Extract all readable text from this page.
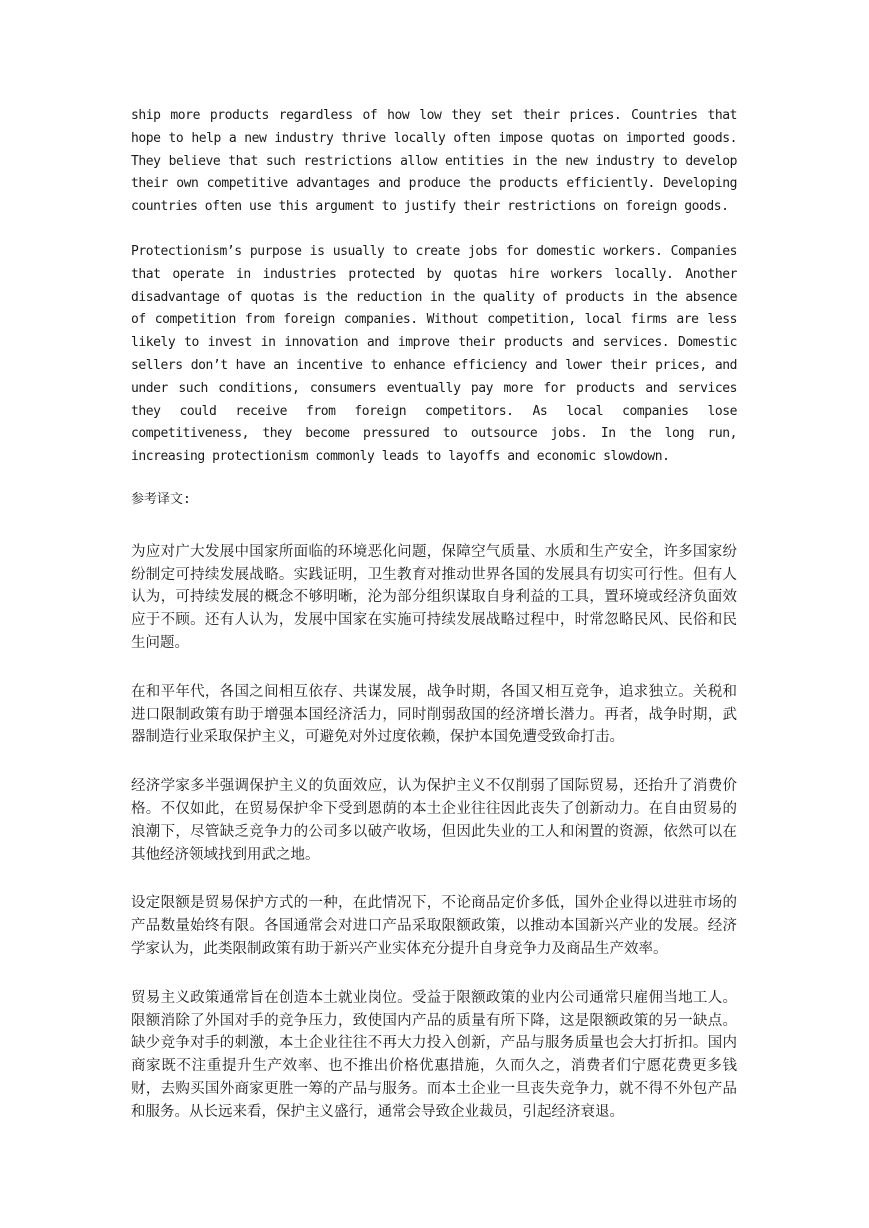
ship more products regardless of how low they set their prices. Countries that hope to help a new industry thrive locally often impose quotas on imported goods. They believe that such restrictions allow entities in the new industry to develop their own competitive advantages and produce the products efficiently. Developing countries often use this argument to justify their restrictions on foreign goods.

Protectionism’s purpose is usually to create jobs for domestic workers. Companies that operate in industries protected by quotas hire workers locally. Another disadvantage of quotas is the reduction in the quality of products in the absence of competition from foreign companies. Without competition, local firms are less likely to invest in innovation and improve their products and services. Domestic sellers don’t have an incentive to enhance efficiency and lower their prices, and under such conditions, consumers eventually pay more for products and services they could receive from foreign competitors. As local companies lose competitiveness, they become pressured to outsource jobs. In the long run, increasing protectionism commonly leads to layoffs and economic slowdown.

参考译文:

为应对广大发展中国家所面临的环境恶化问题，保障空气质量、水质和生产安全，许多国家纷纷制定可持续发展战略。实践证明，卫生教育对推动世界各国的发展具有切实可行性。但有人认为，可持续发展的概念不够明晰，沦为部分组织谋取自身利益的工具，置环境或经济负面效应于不顾。还有人认为，发展中国家在实施可持续发展战略过程中，时常忽略民风、民俗和民生问题。

在和平年代，各国之间相互依存、共谋发展，战争时期，各国又相互竞争，追求独立。关税和进口限制政策有助于增强本国经济活力，同时削弱敌国的经济增长潜力。再者，战争时期，武器制造行业采取保护主义，可避免对外过度依赖，保护本国免遭受致命打击。

经济学家多半强调保护主义的负面效应，认为保护主义不仅削弱了国际贸易，还抬升了消费价格。不仅如此，在贸易保护伞下受到恩荫的本土企业往往因此丧失了创新动力。在自由贸易的浪潮下，尽管缺乏竞争力的公司多以破产收场，但因此失业的工人和闲置的资源，依然可以在其他经济领域找到用武之地。

设定限额是贸易保护方式的一种，在此情况下，不论商品定价多低，国外企业得以进驻市场的产品数量始终有限。各国通常会对进口产品采取限额政策，以推动本国新兴产业的发展。经济学家认为，此类限制政策有助于新兴产业实体充分提升自身竞争力及商品生产效率。

贸易主义政策通常旨在创造本土就业岗位。受益于限额政策的业内公司通常只雇佣当地工人。限额消除了外国对手的竞争压力，致使国内产品的质量有所下降，这是限额政策的另一缺点。缺少竞争对手的刺激，本土企业往往不再大力投入创新，产品与服务质量也会大打折扣。国内商家既不注重提升生产效率、也不推出价格优惠措施，久而久之，消费者们宁愿花费更多钱财，去购买国外商家更胜一筹的产品与服务。而本土企业一旦丧失竞争力，就不得不外包产品和服务。从长远来看，保护主义盛行，通常会导致企业裁员，引起经济衰退。
